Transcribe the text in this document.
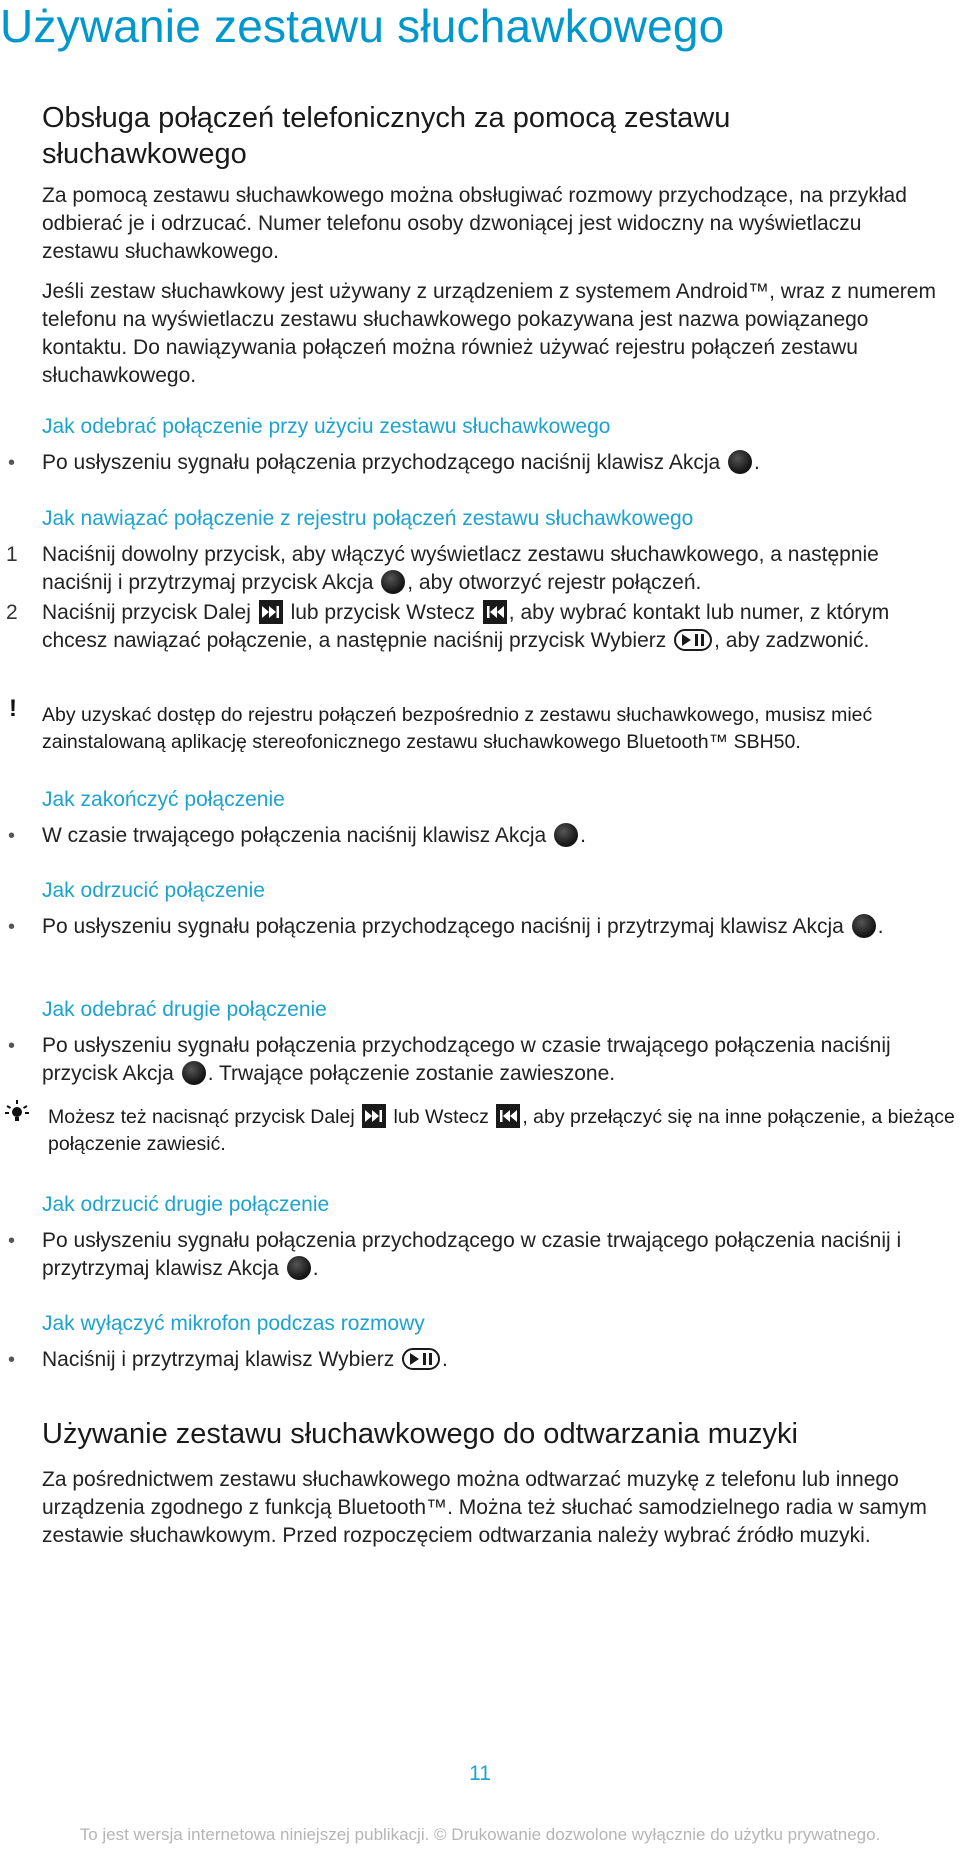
Używanie zestawu słuchawkowego
Obsługa połączeń telefonicznych za pomocą zestawu słuchawkowego

Za pomocą zestawu słuchawkowego można obsługiwać rozmowy przychodzące, na przykład odbierać je i odrzucać. Numer telefonu osoby dzwoniącej jest widoczny na wyświetlaczu zestawu słuchawkowego.

Jeśli zestaw słuchawkowy jest używany z urządzeniem z systemem Android™, wraz z numerem telefonu na wyświetlaczu zestawu słuchawkowego pokazywana jest nazwa powiązanego kontaktu. Do nawiązywania połączeń można również używać rejestru połączeń zestawu słuchawkowego.

Jak odebrać połączenie przy użyciu zestawu słuchawkowego
• Po usłyszeniu sygnału połączenia przychodzącego naciśnij klawisz Akcja .

Jak nawiązać połączenie z rejestru połączeń zestawu słuchawkowego
1 Naciśnij dowolny przycisk, aby włączyć wyświetlacz zestawu słuchawkowego, a następnie naciśnij i przytrzymaj przycisk Akcja , aby otworzyć rejestr połączeń.

2 Naciśnij przycisk Dalej lub przycisk Wstecz , aby wybrać kontakt lub numer, z którym chcesz nawiązać połączenie, a następnie naciśnij przycisk Wybierz , aby zadzwonić.

! Aby uzyskać dostęp do rejestru połączeń bezpośrednio z zestawu słuchawkowego, musisz mieć zainstalowaną aplikację stereofonicznego zestawu słuchawkowego Bluetooth™ SBH50.

Jak zakończyć połączenie
• W czasie trwającego połączenia naciśnij klawisz Akcja .

Jak odrzucić połączenie
• Po usłyszeniu sygnału połączenia przychodzącego naciśnij i przytrzymaj klawisz Akcja .

Jak odebrać drugie połączenie
• Po usłyszeniu sygnału połączenia przychodzącego w czasie trwającego połączenia naciśnij przycisk Akcja . Trwające połączenie zostanie zawieszone.

Możesz też nacisnąć przycisk Dalej lub Wstecz , aby przełączyć się na inne połączenie, a bieżące połączenie zawiesić.

Jak odrzucić drugie połączenie
• Po usłyszeniu sygnału połączenia przychodzącego w czasie trwającego połączenia naciśnij i przytrzymaj klawisz Akcja .

Jak wyłączyć mikrofon podczas rozmowy
• Naciśnij i przytrzymaj klawisz Wybierz .

Używanie zestawu słuchawkowego do odtwarzania muzyki

Za pośrednictwem zestawu słuchawkowego można odtwarzać muzykę z telefonu lub innego urządzenia zgodnego z funkcją Bluetooth™. Można też słuchać samodzielnego radia w samym zestawie słuchawkowym. Przed rozpoczęciem odtwarzania należy wybrać źródło muzyki.

11
To jest wersja internetowa niniejszej publikacji. © Drukowanie dozwolone wyłącznie do użytku prywatnego.
